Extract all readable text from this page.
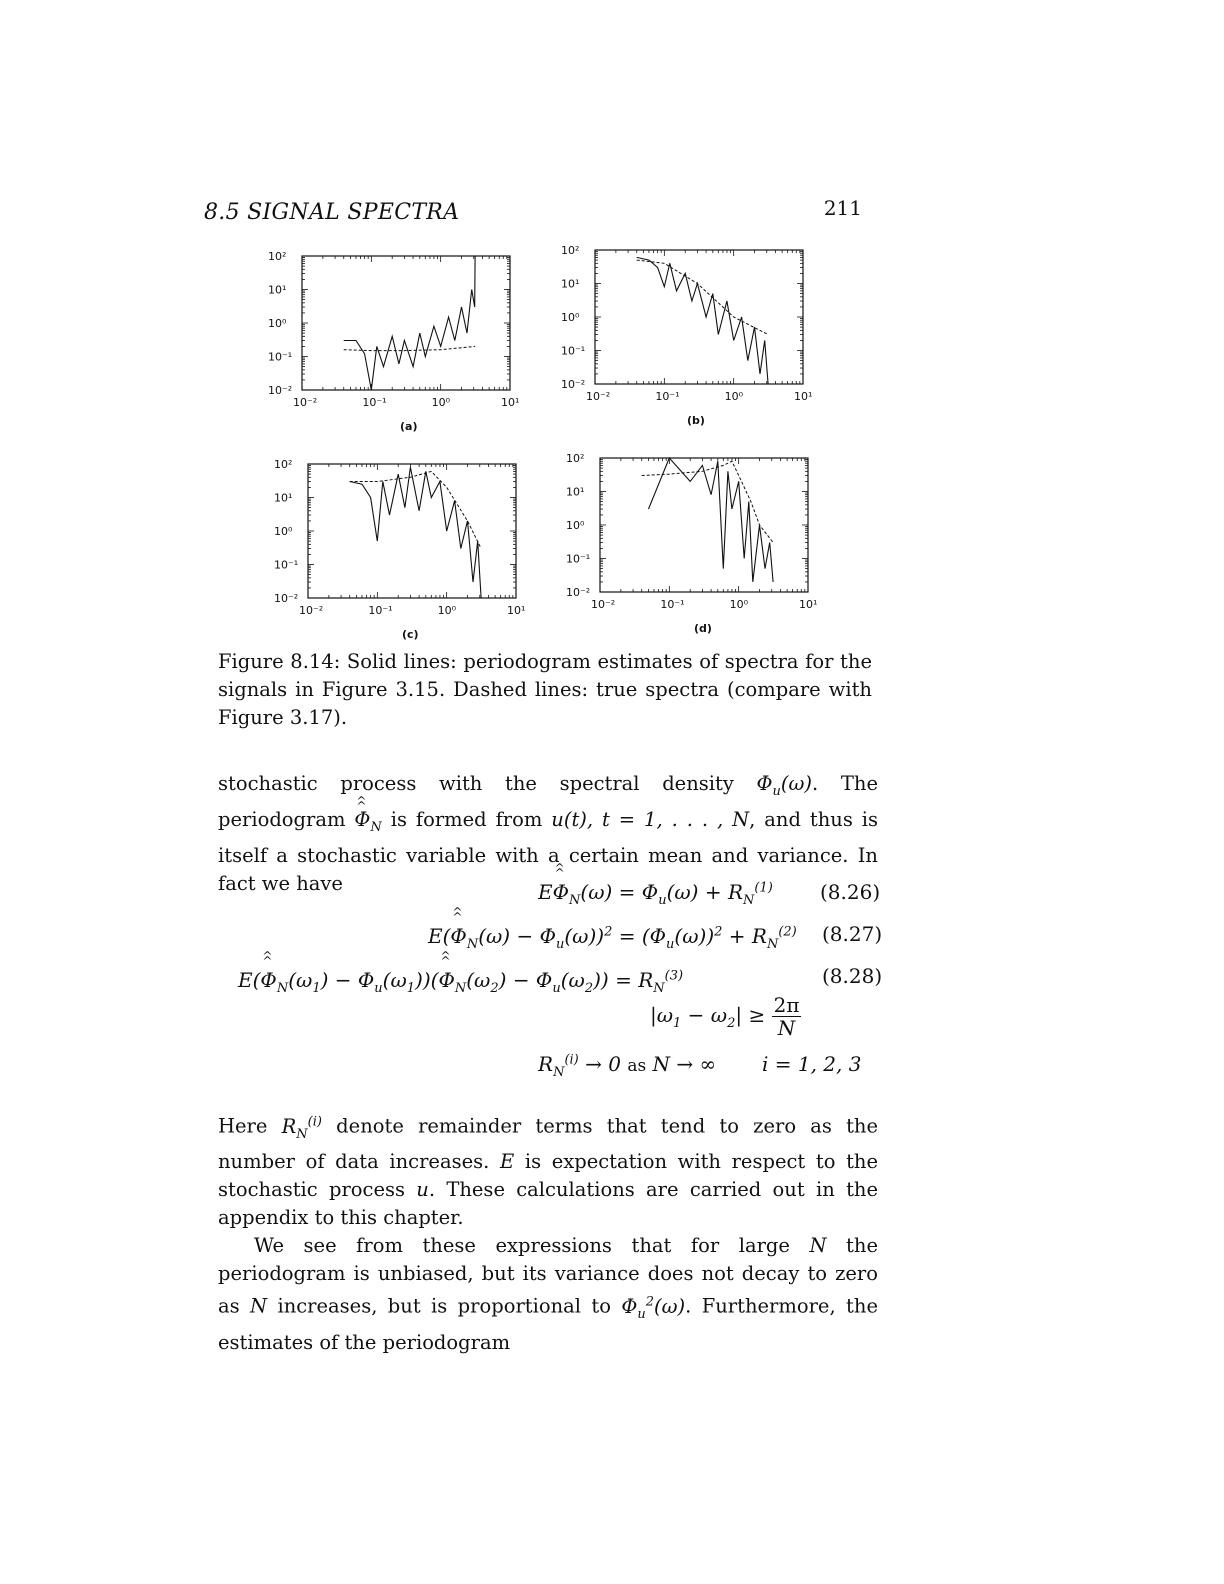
8.5 SIGNAL SPECTRA	211
10²
10¹
10⁰
10⁻¹
10⁻²
10⁻²	10⁻¹	10⁰	10¹
(a)
10²
10¹
10⁰
10⁻¹
10⁻²
10⁻²	10⁻¹	10⁰	10¹
(b)
10²
10¹
10⁰
10⁻¹
10⁻²
10⁻²	10⁻¹	10⁰	10¹
(c)
10²
10¹
10⁰
10⁻¹
10⁻²
10⁻²	10⁻¹	10⁰	10¹
(d)
Figure 8.14: Solid lines: periodogram estimates of spectra for the signals in Figure 3.15. Dashed lines: true spectra (compare with Figure 3.17).
stochastic process with the spectral density $\Phi_u(\omega)$. The periodogram ^ Φ $\^{}_N$ is formed from u(t), t = 1, . . . , N, and thus is itself a stochastic variable with a certain mean and variance. In fact we have	E^ Φ $\^{}_N(\omega) = \Phi_u(\omega) + R_N^{(1)}$ (8.26)
E(^ Φ $\^{}_N(\omega) - \Phi_u(\omega))^2 = (\Phi_u(\omega))^2 + R_N^{(2)}$ (8.27)
E(^ Φ $\^{}_N(\omega_1)$ − $\Phi_u(\omega_1))(\^{}$ Φ $\^{}_N(\omega_2) - \Phi_u(\omega_2)) = R_N^{(3)}$	(8.28)
$|\omega_1 - \omega_2| \ge \frac{2\pi}{N}$
$R_N^{(i)} \to 0$ as N → ∞ i = 1, 2, 3
Here $R_N^{(i)}$ denote remainder terms that tend to zero as the number of data increases. E is expectation with respect to the stochastic process u. These calculations are carried out in the appendix to this chapter.
We see from these expressions that for large N the periodogram is unbiased, but its variance does not decay to zero as N increases, but is proportional to $\Phi_u^2(\omega)$. Furthermore, the estimates of the periodogram
